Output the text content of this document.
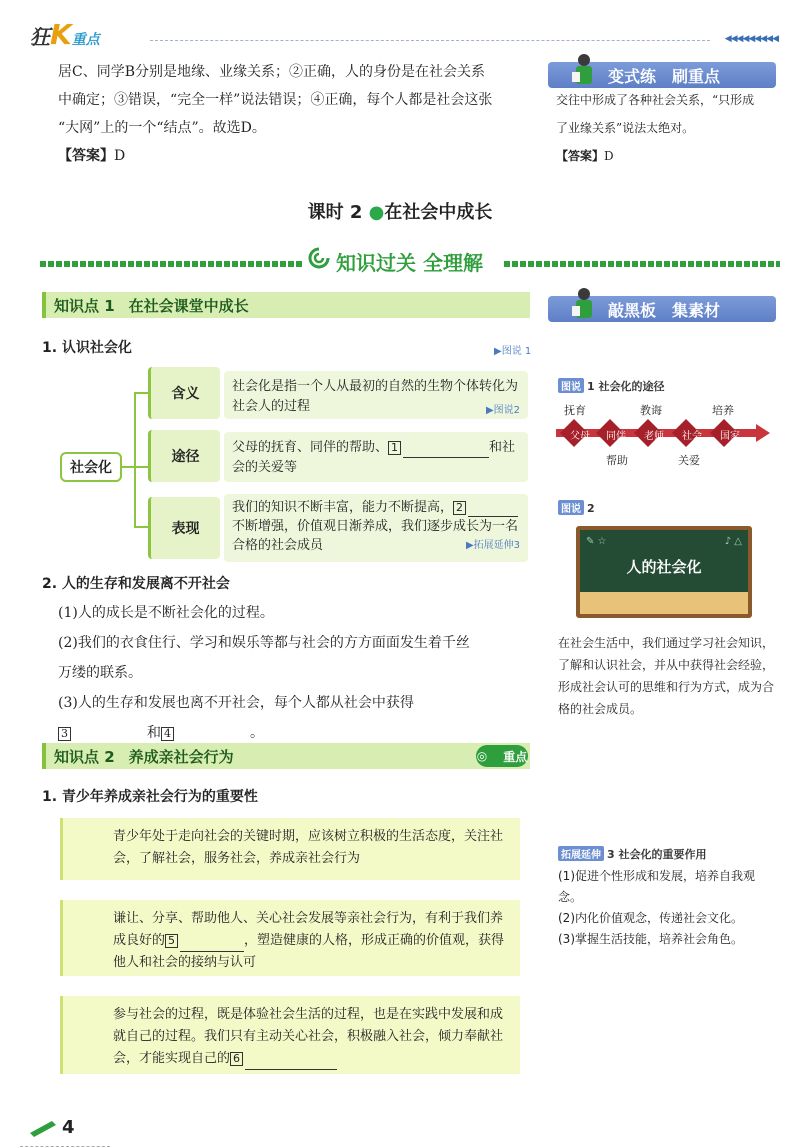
狂K重点	◀◀◀◀◀◀◀◀◀
居C、同学B分别是地缘、业缘关系；②正确，人的身份是在社会关系
中确定；③错误，“完全一样”说法错误；④正确，每个人都是社会这张
“大网”上的一个“结点”。故选D。
【答案】D
变式练　刷重点
交往中形成了各种社会关系，“只形成
了业缘关系”说法太绝对。
【答案】D
课时 2 ●在社会中成长
知识过关 全理解
知识点 1 在社会课堂中成长
1. 认识社会化	▶图说 1
社会化
含义	社会化是指一个人从最初的自然的生物个体转化为社会人的过程	▶图说2
途径
父母的抚育、同伴的帮助、 1	和社会的关爱等
表现
我们的知识不断丰富，能力不断提高， 2不断增强，价值观日渐养成，我们逐步成长为一名合格的社会成员	▶拓展延伸3
2. 人的生存和发展离不开社会
(1)人的成长是不断社会化的过程。
(2)我们的衣食住行、学习和娱乐等都与社会的方方面面发生着千丝
万缕的联系。
(3)人的生存和发展也离不开社会，每个人都从社会中获得
3	和 4	。
知识点 2 养成亲社会行为	◎ 重点
1. 青少年养成亲社会行为的重要性
青少年处于走向社会的关键时期，应该树立积极的生活态度，关注社会，了解社会，服务社会，养成亲社会行为
谦让、分享、帮助他人、关心社会发展等亲社会行为，有利于我们养成良好的 5	，塑造健康的人格，形成正确的价值观，获得他人和社会的接纳与认可
参与社会的过程，既是体验社会生活的过程，也是在实践中发展和成就自己的过程。我们只有主动关心社会，积极融入社会，倾力奉献社会，才能实现自己的 6
敲黑板　集素材
图说 1 社会化的途径
抚育	教诲	培养
父母	同伴	老师	社会	国家
帮助	关爱
图说 2
人的社会化
✎ ☆	♪ △
在社会生活中，我们通过学习社会知识，了解和认识社会，并从中获得社会经验，形成社会认可的思维和行为方式，成为合格的社会成员。
拓展延伸 3 社会化的重要作用
(1)促进个性形成和发展，培养自我观念。
(2)内化价值观念，传递社会文化。
(3)掌握生活技能，培养社会角色。
4
